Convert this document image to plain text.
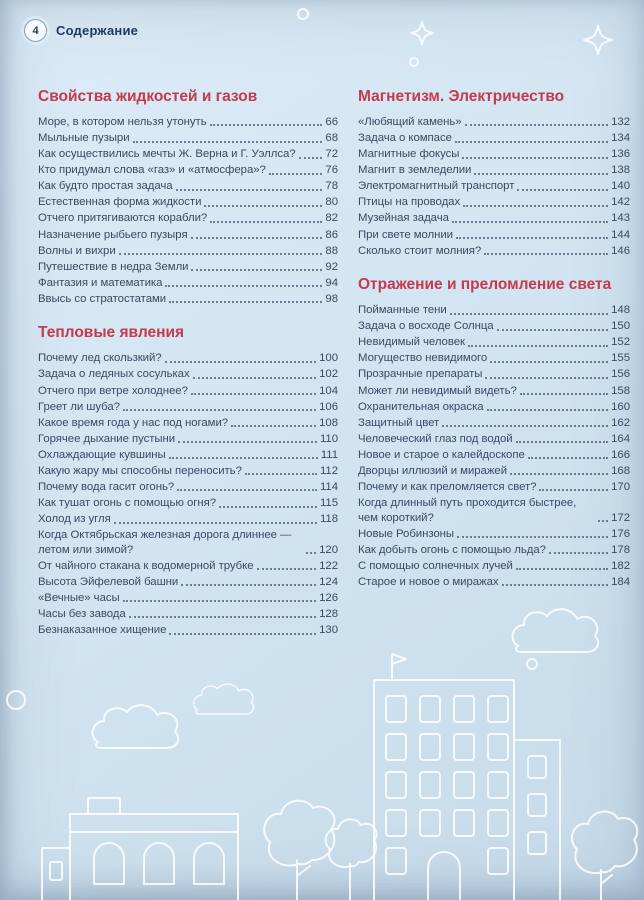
4 Содержание
Свойства жидкостей и газов
Море, в котором нельзя утонуть	66
Мыльные пузыри	68
Как осуществились мечты Ж. Верна и Г. Уэллса?	72
Кто придумал слова «газ» и «атмосфера»?	76
Как будто простая задача	78
Естественная форма жидкости	80
Отчего притягиваются корабли?	82
Назначение рыбьего пузыря	86
Волны и вихри	88
Путешествие в недра Земли	92
Фантазия и математика	94
Ввысь со стратостатами	98
Тепловые явления
Почему лед скользкий?	100
Задача о ледяных сосульках	102
Отчего при ветре холоднее?	104
Греет ли шуба?	106
Какое время года у нас под ногами?	108
Горячее дыхание пустыни	110
Охлаждающие кувшины	111
Какую жару мы способны переносить?	112
Почему вода гасит огонь?	114
Как тушат огонь с помощью огня?	115
Холод из угля	118
Когда Октябрьская железная дорога длиннее — летом или зимой?	120
От чайного стакана к водомерной трубке	122
Высота Эйфелевой башни	124
«Вечные» часы	126
Часы без завода	128
Безнаказанное хищение	130
Магнетизм. Электричество
«Любящий камень»	132
Задача о компасе	134
Магнитные фокусы	136
Магнит в земледелии	138
Электромагнитный транспорт	140
Птицы на проводах	142
Музейная задача	143
При свете молнии	144
Сколько стоит молния?	146
Отражение и преломление света
Пойманные тени	148
Задача о восходе Солнца	150
Невидимый человек	152
Могущество невидимого	155
Прозрачные препараты	156
Может ли невидимый видеть?	158
Охранительная окраска	160
Защитный цвет	162
Человеческий глаз под водой	164
Новое и старое о калейдоскопе	166
Дворцы иллюзий и миражей	168
Почему и как преломляется свет?	170
Когда длинный путь проходится быстрее, чем короткий?	172
Новые Робинзоны	176
Как добыть огонь с помощью льда?	178
С помощью солнечных лучей	182
Старое и новое о миражах	184
